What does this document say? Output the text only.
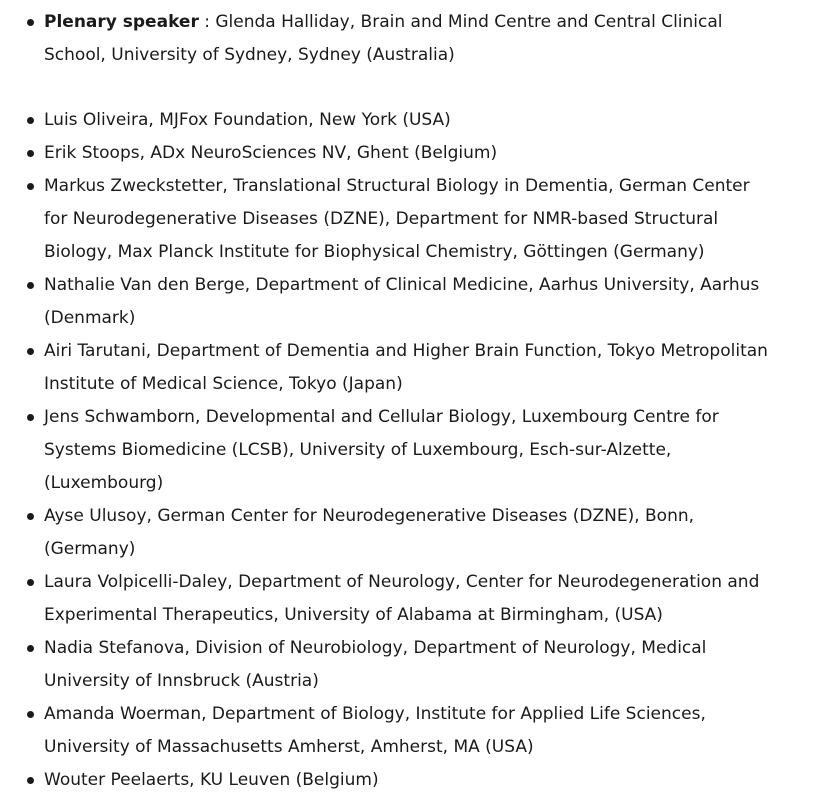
Plenary speaker : Glenda Halliday, Brain and Mind Centre and Central Clinical School, University of Sydney, Sydney (Australia)
Luis Oliveira, MJFox Foundation, New York (USA)
Erik Stoops, ADx NeuroSciences NV, Ghent (Belgium)
Markus Zweckstetter, Translational Structural Biology in Dementia, German Center for Neurodegenerative Diseases (DZNE), Department for NMR-based Structural Biology, Max Planck Institute for Biophysical Chemistry, Göttingen (Germany)
Nathalie Van den Berge, Department of Clinical Medicine, Aarhus University, Aarhus (Denmark)
Airi Tarutani, Department of Dementia and Higher Brain Function, Tokyo Metropolitan Institute of Medical Science, Tokyo (Japan)
Jens Schwamborn, Developmental and Cellular Biology, Luxembourg Centre for Systems Biomedicine (LCSB), University of Luxembourg, Esch-sur-Alzette, (Luxembourg)
Ayse Ulusoy, German Center for Neurodegenerative Diseases (DZNE), Bonn, (Germany)
Laura Volpicelli-Daley, Department of Neurology, Center for Neurodegeneration and Experimental Therapeutics, University of Alabama at Birmingham, (USA)
Nadia Stefanova, Division of Neurobiology, Department of Neurology, Medical University of Innsbruck (Austria)
Amanda Woerman, Department of Biology, Institute for Applied Life Sciences, University of Massachusetts Amherst, Amherst, MA (USA)
Wouter Peelaerts, KU Leuven (Belgium)
